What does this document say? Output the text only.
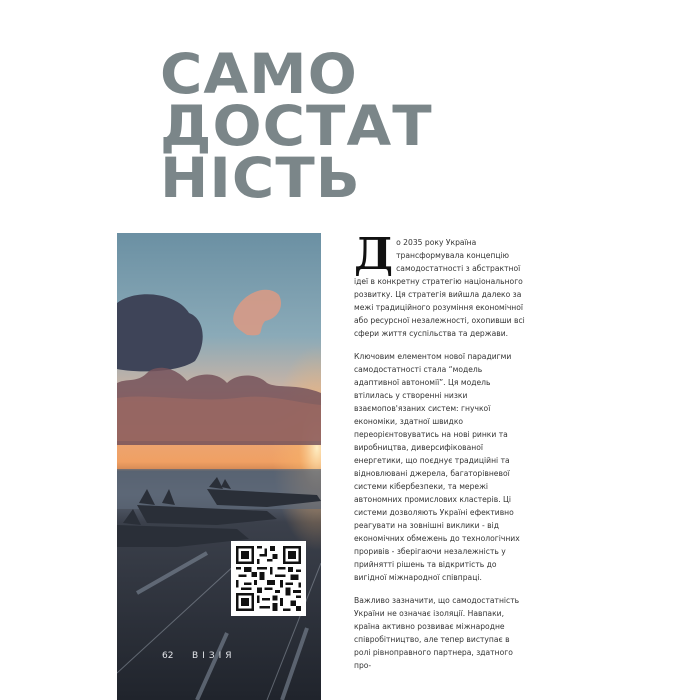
САМО
ДОСТАТ
НІСТЬ
62 ВІЗІЯ

До 2035 року Україна трансформувала концепцію самодостатності з абстрактної ідеї в конкретну стратегію національного розвитку. Ця стратегія вийшла далеко за межі традиційного розуміння економічної або ресурсної незалежності, охопивши всі сфери життя суспільства та держави.

Ключовим елементом нової парадигми самодостатності стала “модель адаптивної автономії”. Ця модель втілилась у створенні низки взаємопов'язаних систем: гнучкої економіки, здатної швидко переорієнтовуватись на нові ринки та виробництва, диверсифікованої енергетики, що поєднує традиційні та відновлювані джерела, багаторівневої системи кібербезпеки, та мережі автономних промислових кластерів. Ці системи дозволяють Україні ефективно реагувати на зовнішні виклики - від економічних обмежень до технологічних проривів - зберігаючи незалежність у прийнятті рішень та відкритість до вигідної міжнародної співпраці.

Важливо зазначити, що самодостатність України не означає ізоляції. Навпаки, країна активно розвиває міжнародне співробітництво, але тепер виступає в ролі рівноправного партнера, здатного про-
